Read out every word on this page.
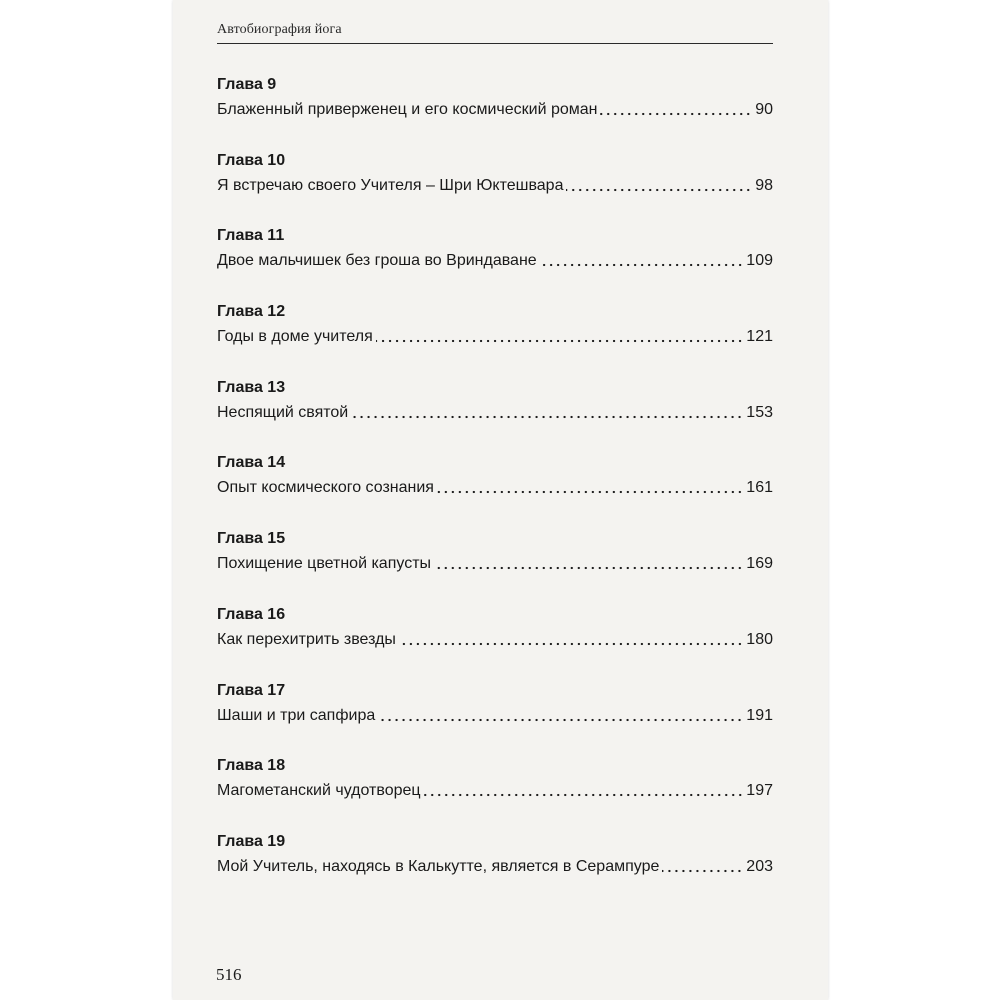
Автобиография йога
Глава 9
Блаженный приверженец и его космический роман	90
Глава 10
Я встречаю своего Учителя – Шри Юктешвара	98
Глава 11
Двое мальчишек без гроша во Вриндаване	109
Глава 12
Годы в доме учителя	121
Глава 13
Неспящий святой	153
Глава 14
Опыт космического сознания	161
Глава 15
Похищение цветной капусты	169
Глава 16
Как перехитрить звезды	180
Глава 17
Шаши и три сапфира	191
Глава 18
Магометанский чудотворец	197
Глава 19
Мой Учитель, находясь в Калькутте, является в Серампуре	203
516
